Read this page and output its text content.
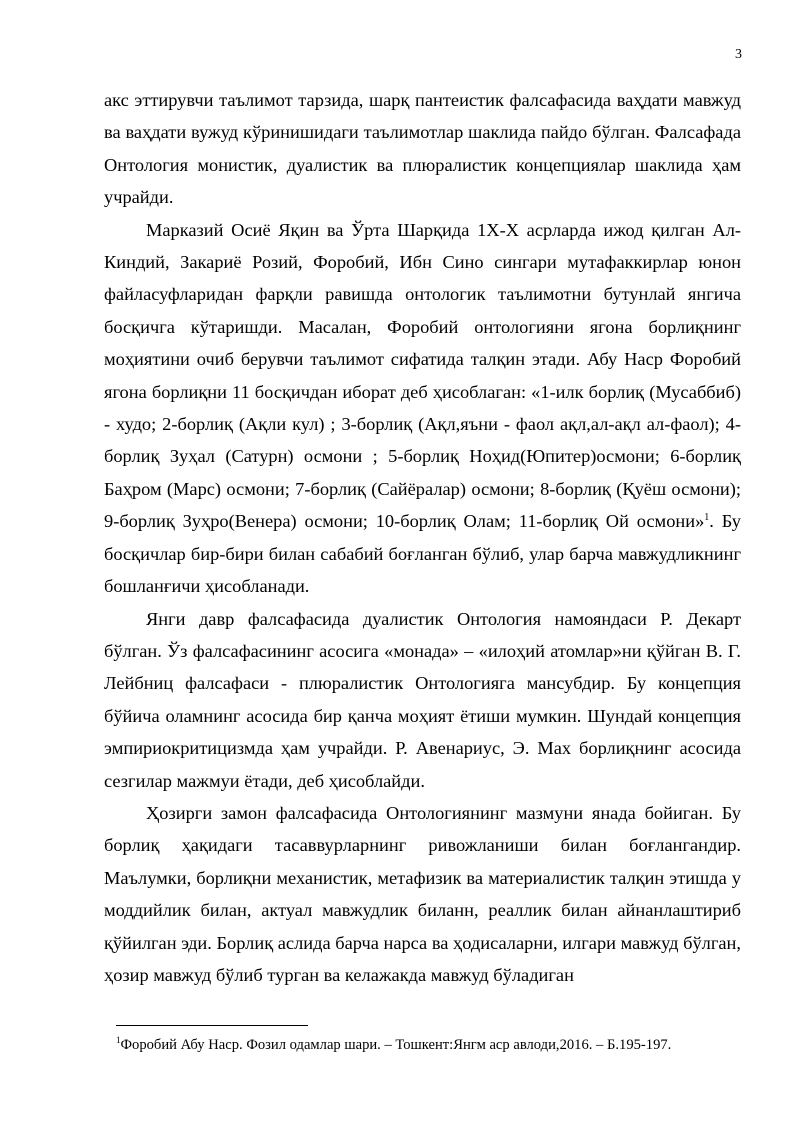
3

акс эттирувчи таълимот тарзида, шарқ пантеистик фалсафасида ваҳдати мавжуд ва ваҳдати вужуд кўринишидаги таълимотлар шаклида пайдо бўлган. Фалсафада Онтология монистик, дуалистик ва плюралистик концепциялар шаклида ҳам учрайди.

Марказий Осиё Яқин ва Ўрта Шарқида 1Х-Х асрларда ижод қилган Ал-Киндий, Закариё Розий, Форобий, Ибн Сино сингари мутафаккирлар юнон файласуфларидан фарқли равишда онтологик таълимотни бутунлай янгича босқичга кўтаришди. Масалан, Форобий онтологияни ягона борлиқнинг моҳиятини очиб берувчи таълимот сифатида талқин этади. Абу Наср Форобий ягона борлиқни 11 босқичдан иборат деб ҳисоблаган: «1-илк борлиқ (Мусаббиб) - худо; 2-борлиқ (Ақли кул) ; 3-борлиқ (Ақл,яъни - фаол ақл,ал-ақл ал-фаол); 4-борлиқ Зуҳал (Сатурн) осмони ; 5-борлиқ Ноҳид(Юпитер)осмони; 6-борлиқ Баҳром (Марс) осмони; 7-борлиқ (Сайёралар) осмони; 8-борлиқ (Қуёш осмони); 9-борлиқ Зуҳро(Венера) осмони; 10-борлиқ Олам; 11-борлиқ Ой осмони»$^1$. Бу босқичлар бир-бири билан сабабий боғланган бўлиб, улар барча мавжудликнинг бошланғичи ҳисобланади.

Янги давр фалсафасида дуалистик Онтология намояндаси Р. Декарт бўлган. Ўз фалсафасининг асосига «монада» – «илоҳий атомлар»ни қўйган В. Г. Лейбниц фалсафаси - плюралистик Онтологияга мансубдир. Бу концепция бўйича оламнинг асосида бир қанча моҳият ётиши мумкин. Шундай концепция эмпириокритицизмда ҳам учрайди. Р. Авенариус, Э. Мах борлиқнинг асосида сезгилар мажмуи ётади, деб ҳисоблайди.

Ҳозирги замон фалсафасида Онтологиянинг мазмуни янада бойиган. Бу борлиқ ҳақидаги тасаввурларнинг ривожланиши билан боғлангандир. Маълумки, борлиқни механистик, метафизик ва материалистик талқин этишда у моддийлик билан, актуал мавжудлик биланн, реаллик билан айнанлаштириб қўйилган эди. Борлиқ аслида барча нарса ва ҳодисаларни, илгари мавжуд бўлган, ҳозир мавжуд бўлиб турган ва келажакда мавжуд бўладиган

$^1$Форобий Абу Наср. Фозил одамлар шари. – Тошкент:Янгм аср авлоди,2016. – Б.195-197.
